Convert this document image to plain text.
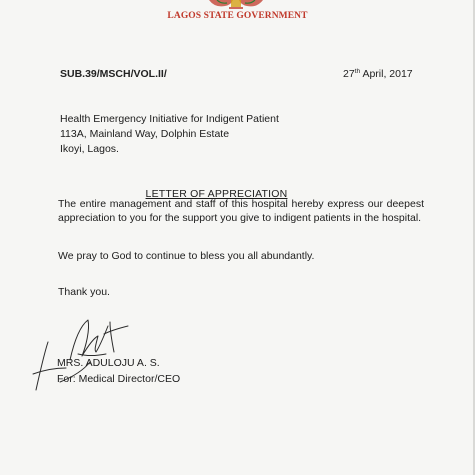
LAGOS STATE GOVERNMENT
SUB.39/MSCH/VOL.II/	27th April, 2017
Health Emergency Initiative for Indigent Patient
113A, Mainland Way, Dolphin Estate
Ikoyi, Lagos.
LETTER OF APPRECIATION
The entire management and staff of this hospital hereby express our deepest appreciation to you for the support you give to indigent patients in the hospital.
We pray to God to continue to bless you all abundantly.
Thank you.
MRS. ADULOJU A. S.
For: Medical Director/CEO
